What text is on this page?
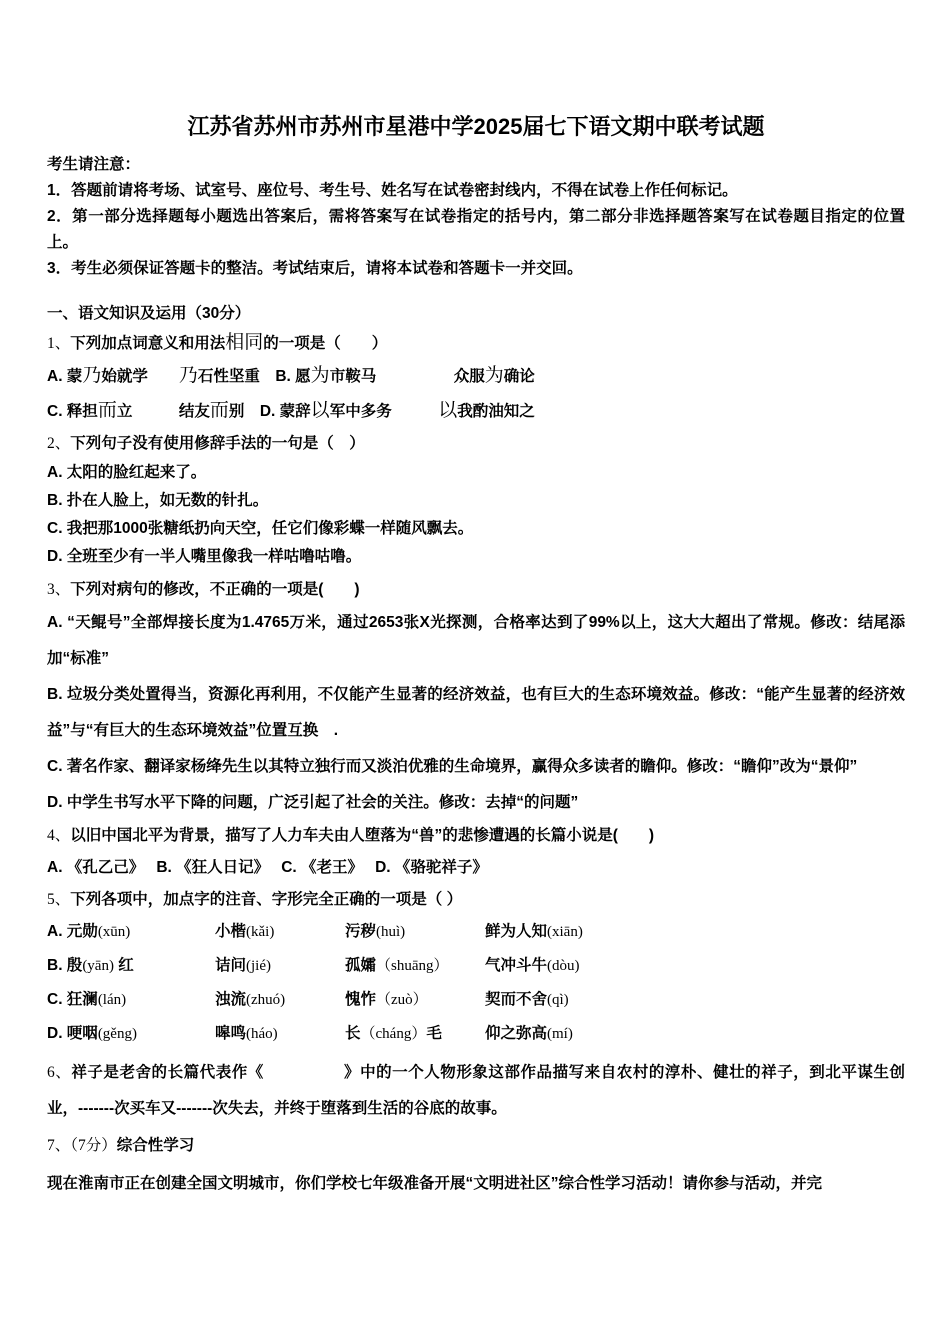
江苏省苏州市苏州市星港中学2025届七下语文期中联考试题

考生请注意：

1．答题前请将考场、试室号、座位号、考生号、姓名写在试卷密封线内，不得在试卷上作任何标记。

2．第一部分选择题每小题选出答案后，需将答案写在试卷指定的括号内，第二部分非选择题答案写在试卷题目指定的位置上。

3．考生必须保证答题卡的整洁。考试结束后，请将本试卷和答题卡一并交回。

一、语文知识及运用（30分）

1、下列加点词意义和用法相同的一项是（　　）

A. 蒙乃始就学　　乃石性坚重　B. 愿为市鞍马　　　　　众服为确论

C. 释担而立　　　结友而别　D. 蒙辞以军中多务　　　以我酌油知之

2、下列句子没有使用修辞手法的一句是（　）

A. 太阳的脸红起来了。

B. 扑在人脸上，如无数的针扎。

C. 我把那1000张糖纸扔向天空，任它们像彩蝶一样随风飘去。

D. 全班至少有一半人嘴里像我一样咕噜咕噜。

3、下列对病句的修改，不正确的一项是(　　)

A. “天鲲号”全部焊接长度为1.4765万米，通过2653张X光探测，合格率达到了99%以上，这大大超出了常规。修改：结尾添加“标准”

B. 垃圾分类处置得当，资源化再利用，不仅能产生显著的经济效益，也有巨大的生态环境效益。修改：“能产生显著的经济效益”与“有巨大的生态环境效益”位置互换　.

C. 著名作家、翻译家杨绛先生以其特立独行而又淡泊优雅的生命境界，赢得众多读者的瞻仰。修改：“瞻仰”改为“景仰”

D. 中学生书写水平下降的问题，广泛引起了社会的关注。修改：去掉“的问题”

4、以旧中国北平为背景，描写了人力车夫由人堕落为“兽”的悲惨遭遇的长篇小说是(　　)

A. 《孔乙己》　 B. 《狂人日记》　 C. 《老王》　 D. 《骆驼祥子》

5、下列各项中，加点字的注音、字形完全正确的一项是（ ）

A. 元勋(xūn)	小楷(kǎi)	污秽(huì)	鲜为人知(xiān)
B. 殷(yān) 红	诘问(jié)	孤孀（shuāng）	气冲斗牛(dòu)
C. 狂澜(lán)	浊流(zhuó)	愧怍（zuò）	契而不舍(qì)
D. 哽咽(gěng)	嗥鸣(háo)	长（cháng）毛	仰之弥高(mí)

6、祥子是老舍的长篇代表作《　　　　　》中的一个人物形象这部作品描写来自农村的淳朴、健壮的祥子，到北平谋生创业，-------次买车又-------次失去，并终于堕落到生活的谷底的故事。

7、（7分）综合性学习

现在淮南市正在创建全国文明城市，你们学校七年级准备开展“文明进社区”综合性学习活动！请你参与活动，并完
